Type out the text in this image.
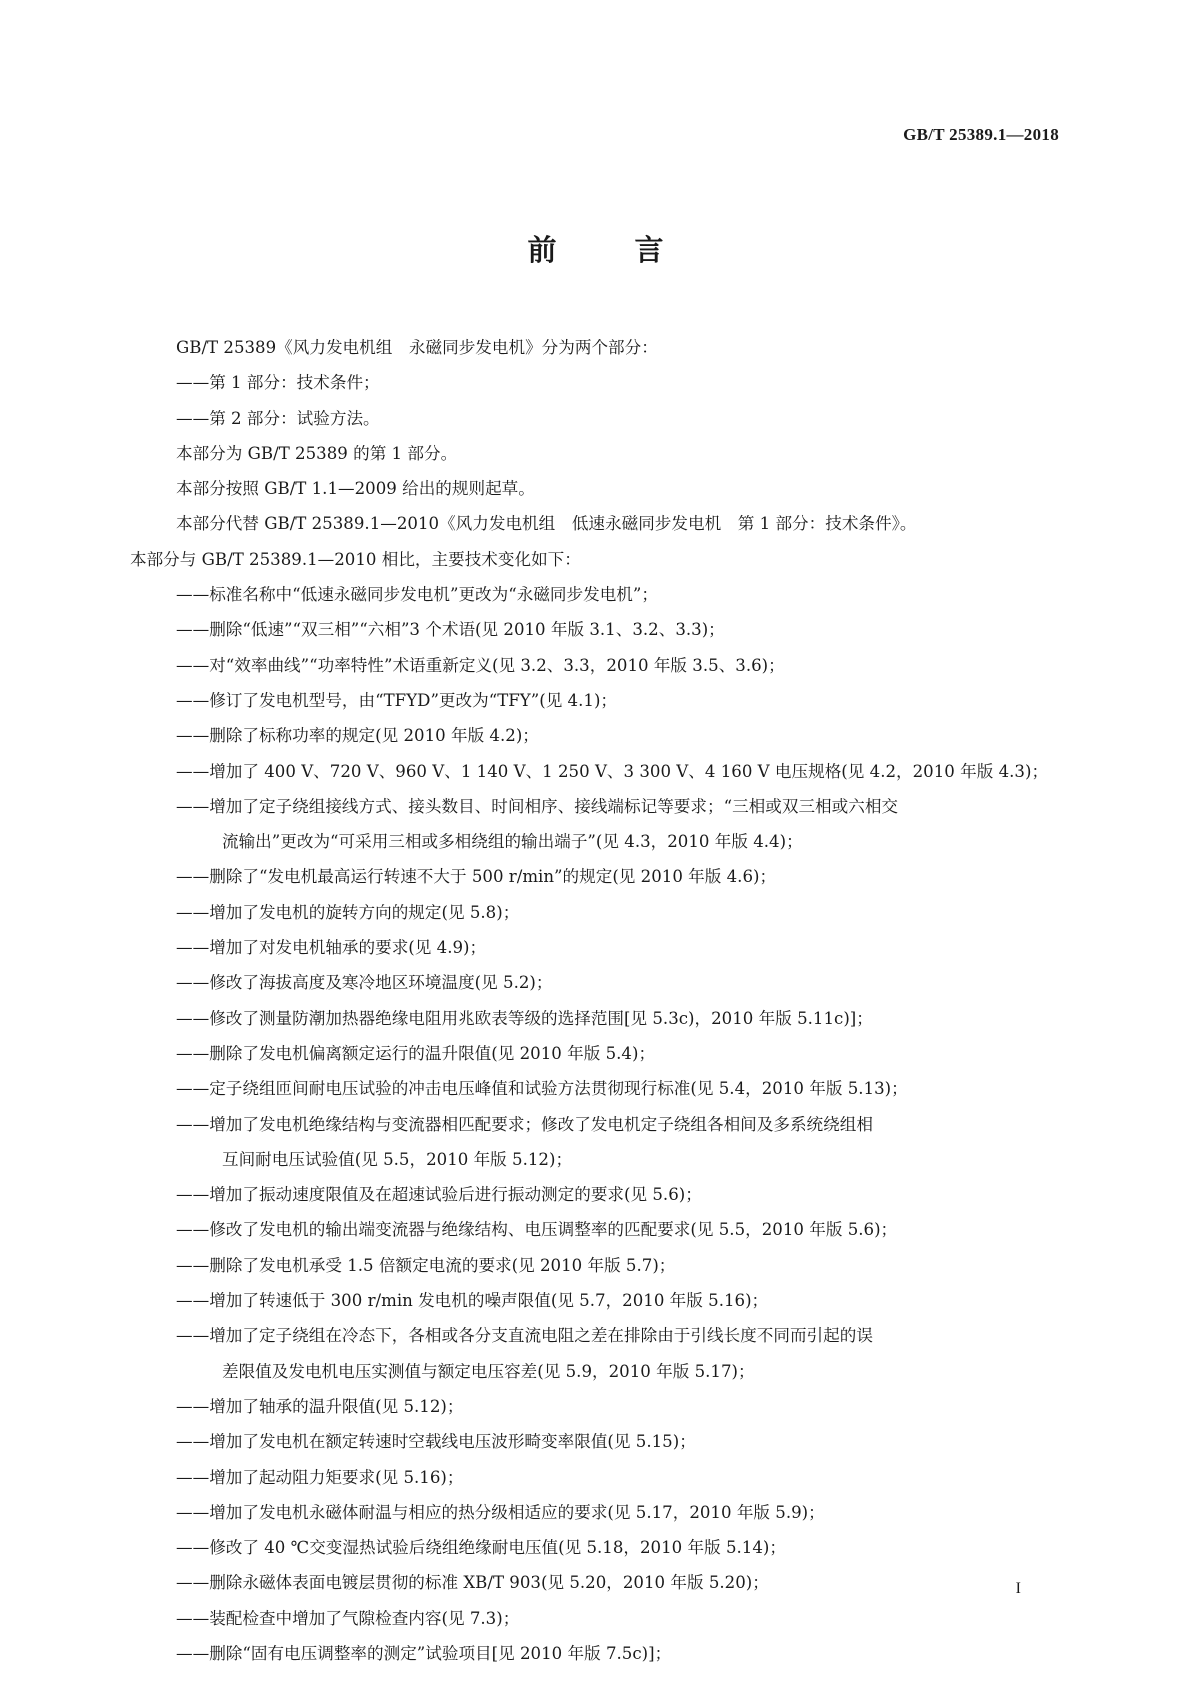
GB/T 25389.1—2018
前 言

GB/T 25389《风力发电机组　永磁同步发电机》分为两个部分：

——第 1 部分：技术条件；

——第 2 部分：试验方法。

本部分为 GB/T 25389 的第 1 部分。

本部分按照 GB/T 1.1—2009 给出的规则起草。

本部分代替 GB/T 25389.1—2010《风力发电机组　低速永磁同步发电机　第 1 部分：技术条件》。

本部分与 GB/T 25389.1—2010 相比，主要技术变化如下：

——标准名称中“低速永磁同步发电机”更改为“永磁同步发电机”；

——删除“低速”“双三相”“六相”3 个术语(见 2010 年版 3.1、3.2、3.3)；

——对“效率曲线”“功率特性”术语重新定义(见 3.2、3.3，2010 年版 3.5、3.6)；

——修订了发电机型号，由“TFYD”更改为“TFY”(见 4.1)；

——删除了标称功率的规定(见 2010 年版 4.2)；

——增加了 400 V、720 V、960 V、1 140 V、1 250 V、3 300 V、4 160 V 电压规格(见 4.2，2010 年版 4.3)；

——增加了定子绕组接线方式、接头数目、时间相序、接线端标记等要求；“三相或双三相或六相交

流输出”更改为“可采用三相或多相绕组的输出端子”(见 4.3，2010 年版 4.4)；

——删除了“发电机最高运行转速不大于 500 r/min”的规定(见 2010 年版 4.6)；

——增加了发电机的旋转方向的规定(见 5.8)；

——增加了对发电机轴承的要求(见 4.9)；

——修改了海拔高度及寒冷地区环境温度(见 5.2)；

——修改了测量防潮加热器绝缘电阻用兆欧表等级的选择范围[见 5.3c)，2010 年版 5.11c)]；

——删除了发电机偏离额定运行的温升限值(见 2010 年版 5.4)；

——定子绕组匝间耐电压试验的冲击电压峰值和试验方法贯彻现行标准(见 5.4，2010 年版 5.13)；

——增加了发电机绝缘结构与变流器相匹配要求；修改了发电机定子绕组各相间及多系统绕组相

互间耐电压试验值(见 5.5，2010 年版 5.12)；

——增加了振动速度限值及在超速试验后进行振动测定的要求(见 5.6)；

——修改了发电机的输出端变流器与绝缘结构、电压调整率的匹配要求(见 5.5，2010 年版 5.6)；

——删除了发电机承受 1.5 倍额定电流的要求(见 2010 年版 5.7)；

——增加了转速低于 300 r/min 发电机的噪声限值(见 5.7，2010 年版 5.16)；

——增加了定子绕组在冷态下，各相或各分支直流电阻之差在排除由于引线长度不同而引起的误

差限值及发电机电压实测值与额定电压容差(见 5.9，2010 年版 5.17)；

——增加了轴承的温升限值(见 5.12)；

——增加了发电机在额定转速时空载线电压波形畸变率限值(见 5.15)；

——增加了起动阻力矩要求(见 5.16)；

——增加了发电机永磁体耐温与相应的热分级相适应的要求(见 5.17，2010 年版 5.9)；

——修改了 40 ℃交变湿热试验后绕组绝缘耐电压值(见 5.18，2010 年版 5.14)；

——删除永磁体表面电镀层贯彻的标准 XB/T 903(见 5.20，2010 年版 5.20)；

——装配检查中增加了气隙检查内容(见 7.3)；

——删除“固有电压调整率的测定”试验项目[见 2010 年版 7.5c)]；

I
